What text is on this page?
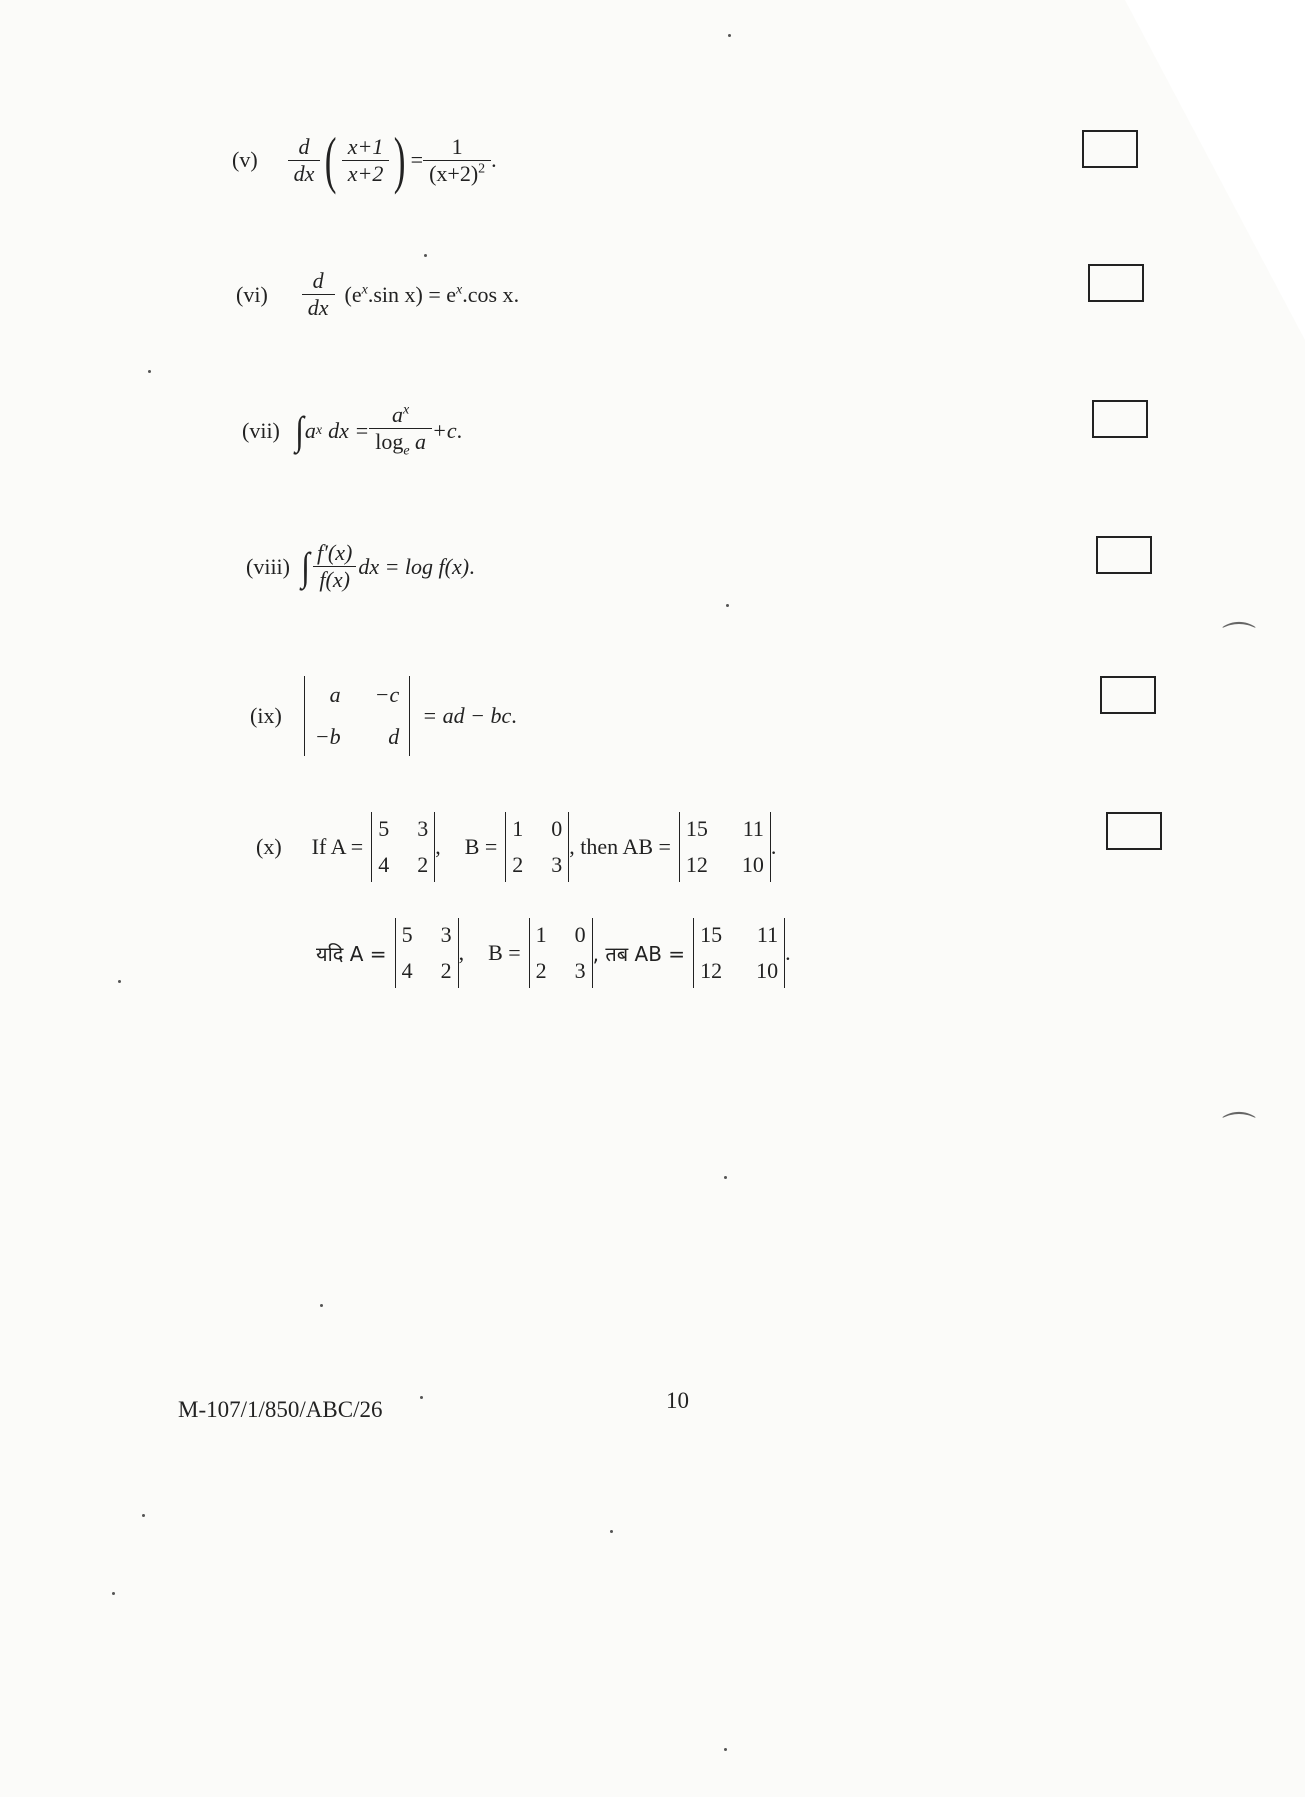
$(v) \frac{d}{dx}$ ( $\frac{x+1}{x+2}$ ) = $\frac{1}{(x+2)^2}$ .
$(vi) \frac{d}{dx} (e^x.\sin$ $x) = e^x.\cos$ x.
(vii) ∫ a x dx = $\frac{a^x}{\log_e a} +c$ .
(viii) ∫ $\frac{f'(x)}{f(x)}$ dx = log f(x) .
(ix)
a −c
−b	d
= ad − bc .
(x) If A =
5 3
4 2
, B =
1 0
2 3
, then AB =
15 11
12 10
.
यदि A =
5 3
4 2
, B =
1 0
2 3
, तब AB =
15 11
12 10
.
M-107/1/850/ABC/26	10
⌒
⌒
